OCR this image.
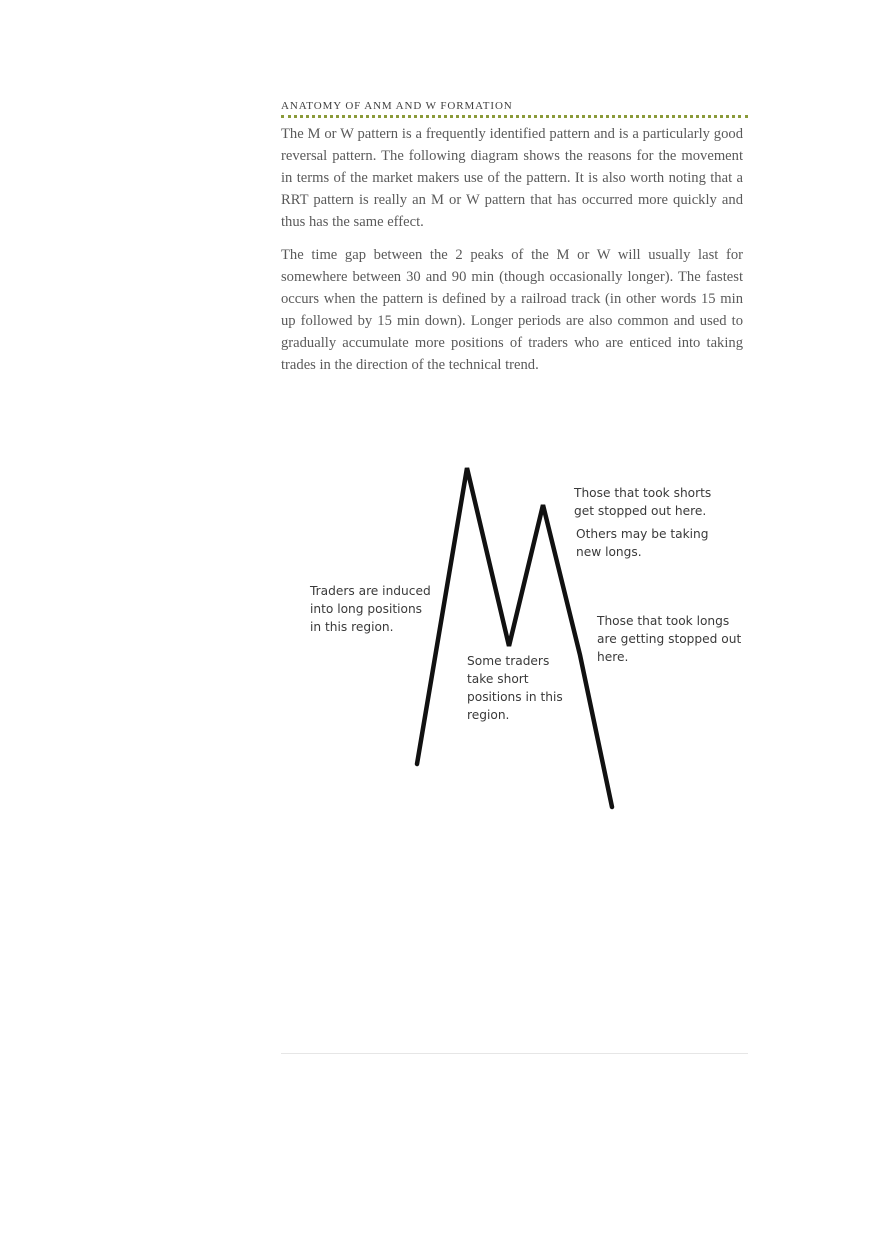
ANATOMY OF ANM AND W FORMATION

The M or W pattern is a frequently identified pattern and is a particularly good reversal pattern. The following diagram shows the reasons for the movement in terms of the market makers use of the pattern. It is also worth noting that a RRT pattern is really an M or W pattern that has occurred more quickly and thus has the same effect.

The time gap between the 2 peaks of the M or W will usually last for somewhere between 30 and 90 min (though occasionally longer). The fastest occurs when the pattern is defined by a railroad track (in other words 15 min up followed by 15 min down). Longer periods are also common and used to gradually accumulate more positions of traders who are enticed into taking trades in the direction of the technical trend.

Traders are induced
into long positions
in this region.

Some traders
take short
positions in this
region.

Those that took shorts
get stopped out here.

Others may be taking
new longs.

Those that took longs
are getting stopped out
here.
